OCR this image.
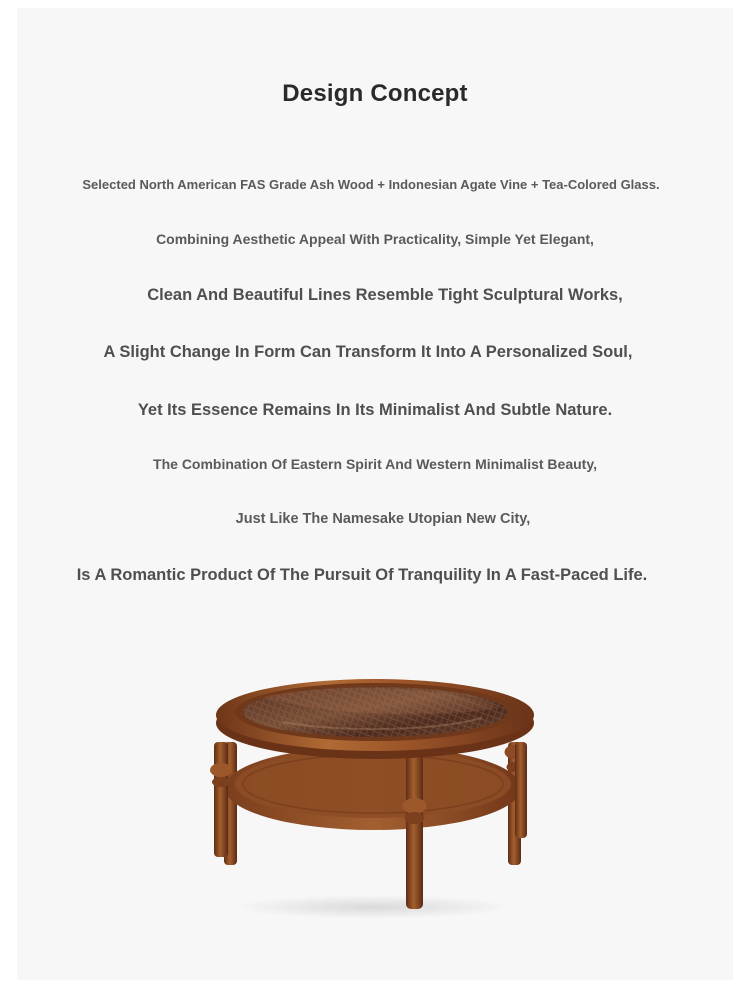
Design Concept
Selected North American FAS Grade Ash Wood + Indonesian Agate Vine + Tea-Colored Glass.
Combining Aesthetic Appeal With Practicality, Simple Yet Elegant,
Clean And Beautiful Lines Resemble Tight Sculptural Works,
A Slight Change In Form Can Transform It Into A Personalized Soul,
Yet Its Essence Remains In Its Minimalist And Subtle Nature.
The Combination Of Eastern Spirit And Western Minimalist Beauty,
Just Like The Namesake Utopian New City,
Is A Romantic Product Of The Pursuit Of Tranquility In A Fast-Paced Life.
